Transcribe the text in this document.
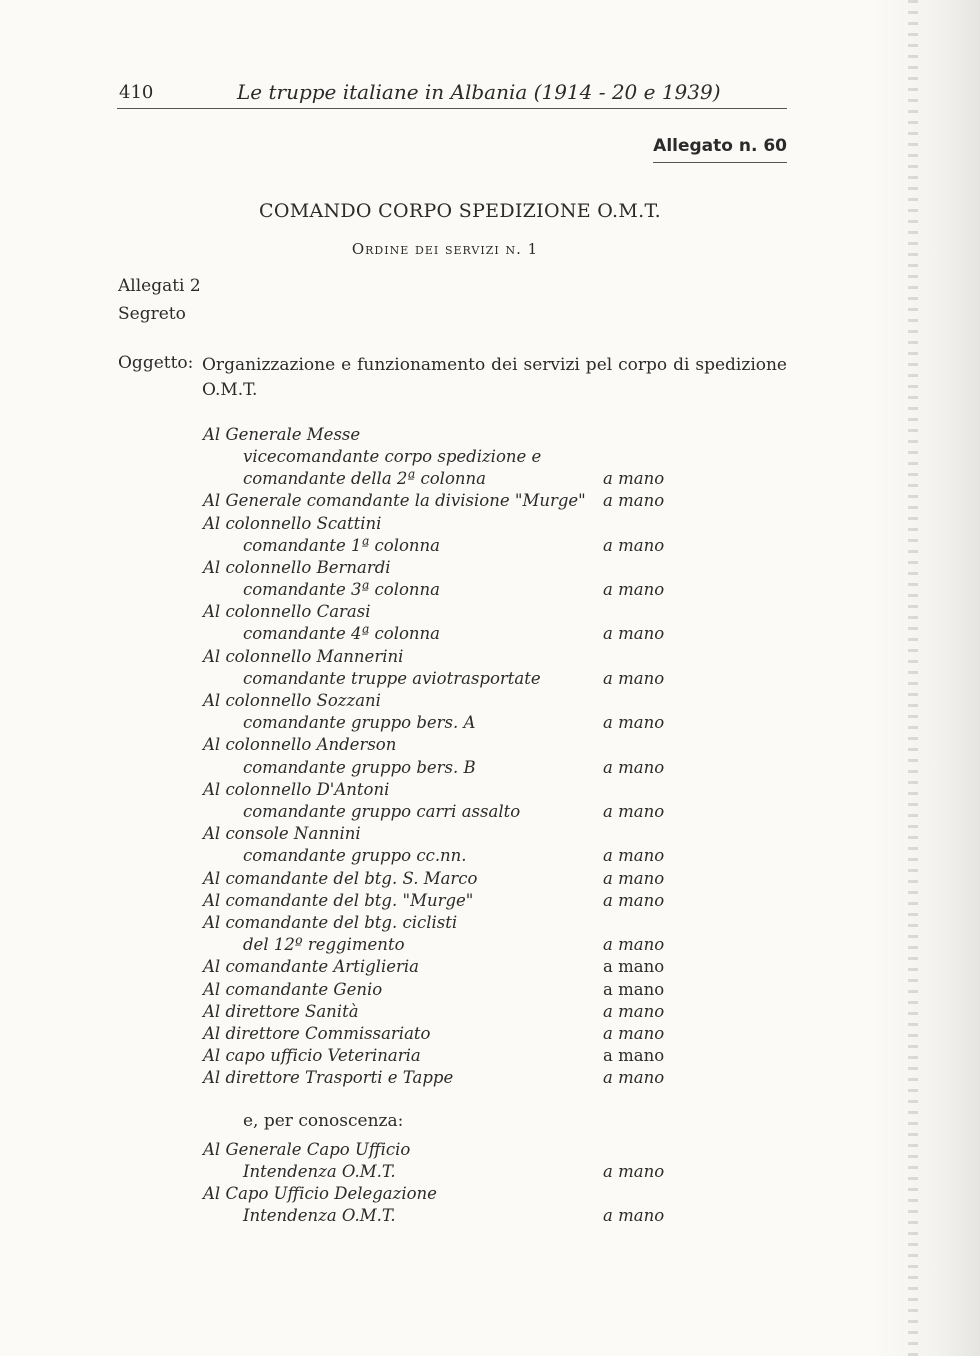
410	Le truppe italiane in Albania (1914 - 20 e 1939)
Allegato n. 60
COMANDO CORPO SPEDIZIONE O.M.T.
Ordine dei servizi n. 1
Allegati 2
Segreto
Oggetto: Organizzazione e funzionamento dei servizi pel corpo di spedizione O.M.T.
Al Generale Messe
vicecomandante corpo spedizione e
comandante della 2ª colonna	a mano
Al Generale comandante la divisione "Murge" a mano
Al colonnello Scattini
comandante 1ª colonna	a mano
Al colonnello Bernardi
comandante 3ª colonna	a mano
Al colonnello Carasi
comandante 4ª colonna	a mano
Al colonnello Mannerini
comandante truppe aviotrasportate	a mano
Al colonnello Sozzani
comandante gruppo bers. A	a mano
Al colonnello Anderson
comandante gruppo bers. B	a mano
Al colonnello D'Antoni
comandante gruppo carri assalto	a mano
Al console Nannini
comandante gruppo cc.nn.	a mano
Al comandante del btg. S. Marco	a mano
Al comandante del btg. "Murge"	a mano
Al comandante del btg. ciclisti
del 12º reggimento	a mano
Al comandante Artiglieria	a mano
Al comandante Genio	a mano
Al direttore Sanità	a mano
Al direttore Commissariato	a mano
Al capo ufficio Veterinaria	a mano
Al direttore Trasporti e Tappe	a mano
e, per conoscenza:
Al Generale Capo Ufficio
Intendenza O.M.T.	a mano
Al Capo Ufficio Delegazione
Intendenza O.M.T.	a mano
